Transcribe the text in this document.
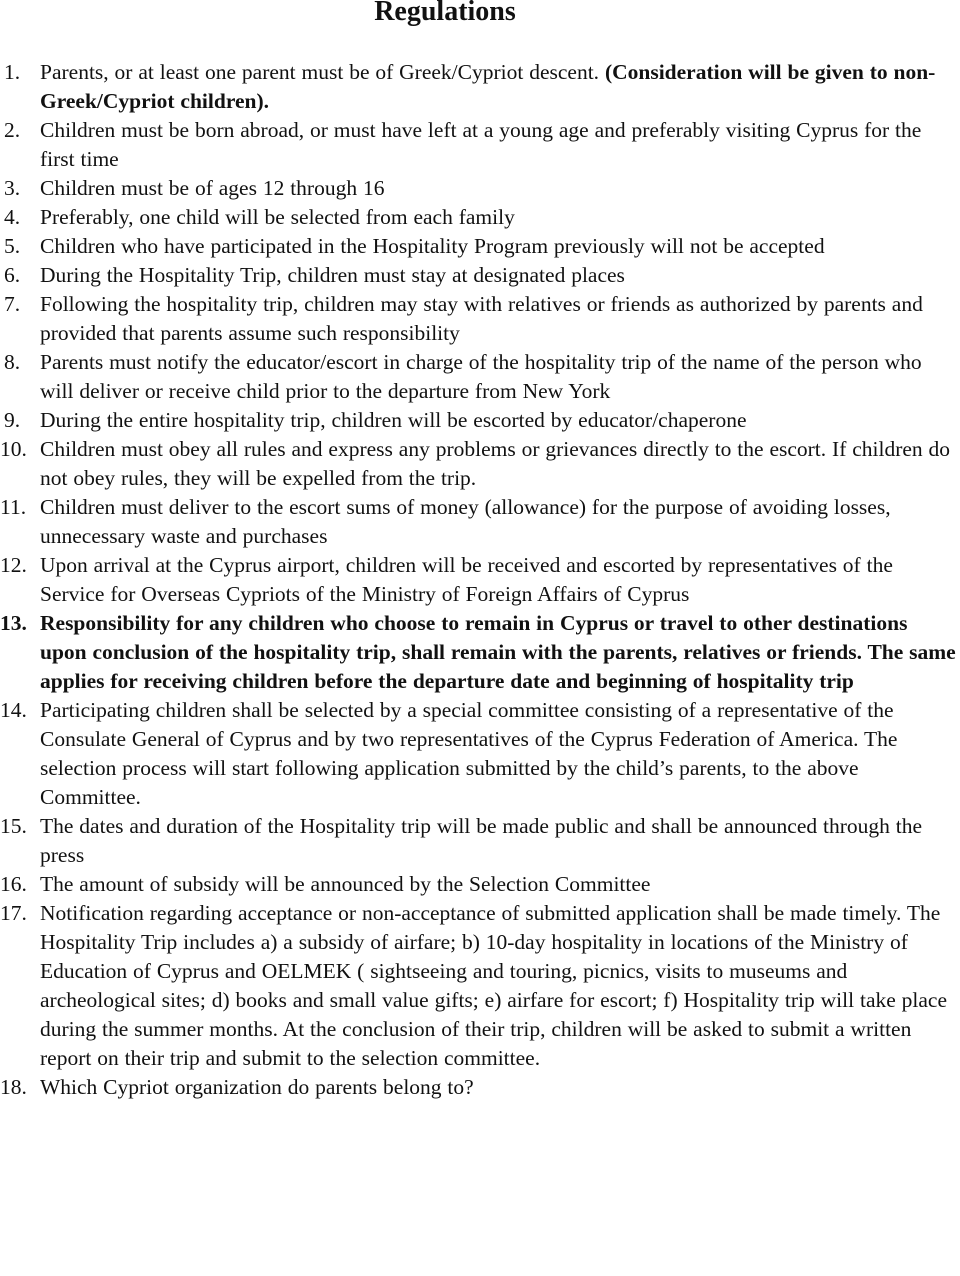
Regulations
1. Parents, or at least one parent must be of Greek/Cypriot descent. (Consideration will be given to non-Greek/Cypriot children).
2. Children must be born abroad, or must have left at a young age and preferably visiting Cyprus for the first time
3. Children must be of ages 12 through 16
4. Preferably, one child will be selected from each family
5. Children who have participated in the Hospitality Program previously will not be accepted
6. During the Hospitality Trip, children must stay at designated places
7. Following the hospitality trip, children may stay with relatives or friends as authorized by parents and provided that parents assume such responsibility
8. Parents must notify the educator/escort in charge of the hospitality trip of the name of the person who will deliver or receive child prior to the departure from New York
9. During the entire hospitality trip, children will be escorted by educator/chaperone
10. Children must obey all rules and express any problems or grievances directly to the escort. If children do not obey rules, they will be expelled from the trip.
11. Children must deliver to the escort sums of money (allowance) for the purpose of avoiding losses, unnecessary waste and purchases
12. Upon arrival at the Cyprus airport, children will be received and escorted by representatives of the Service for Overseas Cypriots of the Ministry of Foreign Affairs of Cyprus
13. Responsibility for any children who choose to remain in Cyprus or travel to other destinations upon conclusion of the hospitality trip, shall remain with the parents, relatives or friends. The same applies for receiving children before the departure date and beginning of hospitality trip
14. Participating children shall be selected by a special committee consisting of a representative of the Consulate General of Cyprus and by two representatives of the Cyprus Federation of America. The selection process will start following application submitted by the child’s parents, to the above Committee.
15. The dates and duration of the Hospitality trip will be made public and shall be announced through the press
16. The amount of subsidy will be announced by the Selection Committee
17. Notification regarding acceptance or non-acceptance of submitted application shall be made timely. The Hospitality Trip includes a) a subsidy of airfare; b) 10-day hospitality in locations of the Ministry of Education of Cyprus and OELMEK ( sightseeing and touring, picnics, visits to museums and archeological sites; d) books and small value gifts; e) airfare for escort; f) Hospitality trip will take place during the summer months. At the conclusion of their trip, children will be asked to submit a written report on their trip and submit to the selection committee.
18. Which Cypriot organization do parents belong to?
